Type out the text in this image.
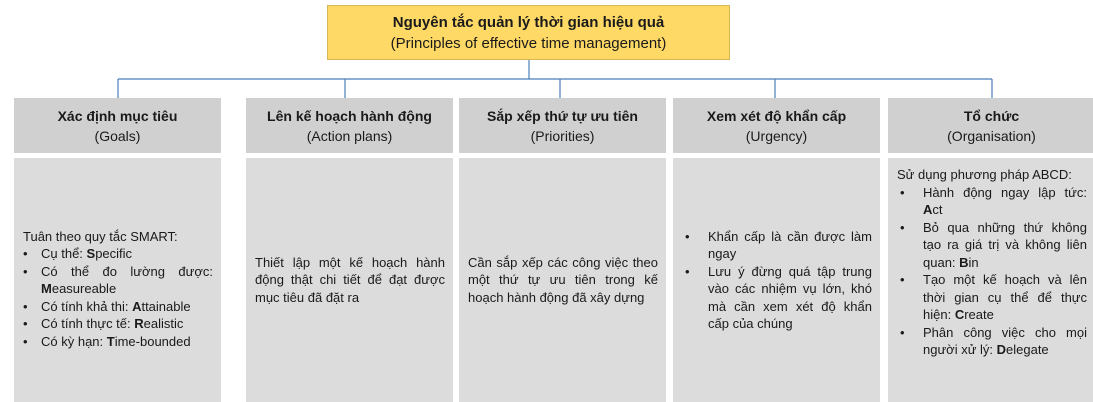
Nguyên tắc quản lý thời gian hiệu quả
(Principles of effective time management)
Xác định mục tiêu
(Goals)
Tuân theo quy tắc SMART:
• Cụ thể: Specific
• Có thể đo lường được: Measureable
• Có tính khả thi: Attainable
• Có tính thực tế: Realistic
• Có kỳ hạn: Time-bounded
Lên kế hoạch hành động
(Action plans)
Thiết lập một kế hoạch hành động thật chi tiết để đạt được mục tiêu đã đặt ra
Sắp xếp thứ tự ưu tiên
(Priorities)
Cần sắp xếp các công việc theo một thứ tự ưu tiên trong kế hoạch hành động đã xây dựng
Xem xét độ khẩn cấp
(Urgency)
• Khẩn cấp là cần được làm ngay
• Lưu ý đừng quá tập trung vào các nhiệm vụ lớn, khó mà cần xem xét độ khẩn cấp của chúng
Tổ chức
(Organisation)
Sử dụng phương pháp ABCD:
• Hành động ngay lập tức: Act
• Bỏ qua những thứ không tạo ra giá trị và không liên quan: Bin
• Tạo một kế hoạch và lên thời gian cụ thể để thực hiện: Create
• Phân công việc cho mọi người xử lý: Delegate
